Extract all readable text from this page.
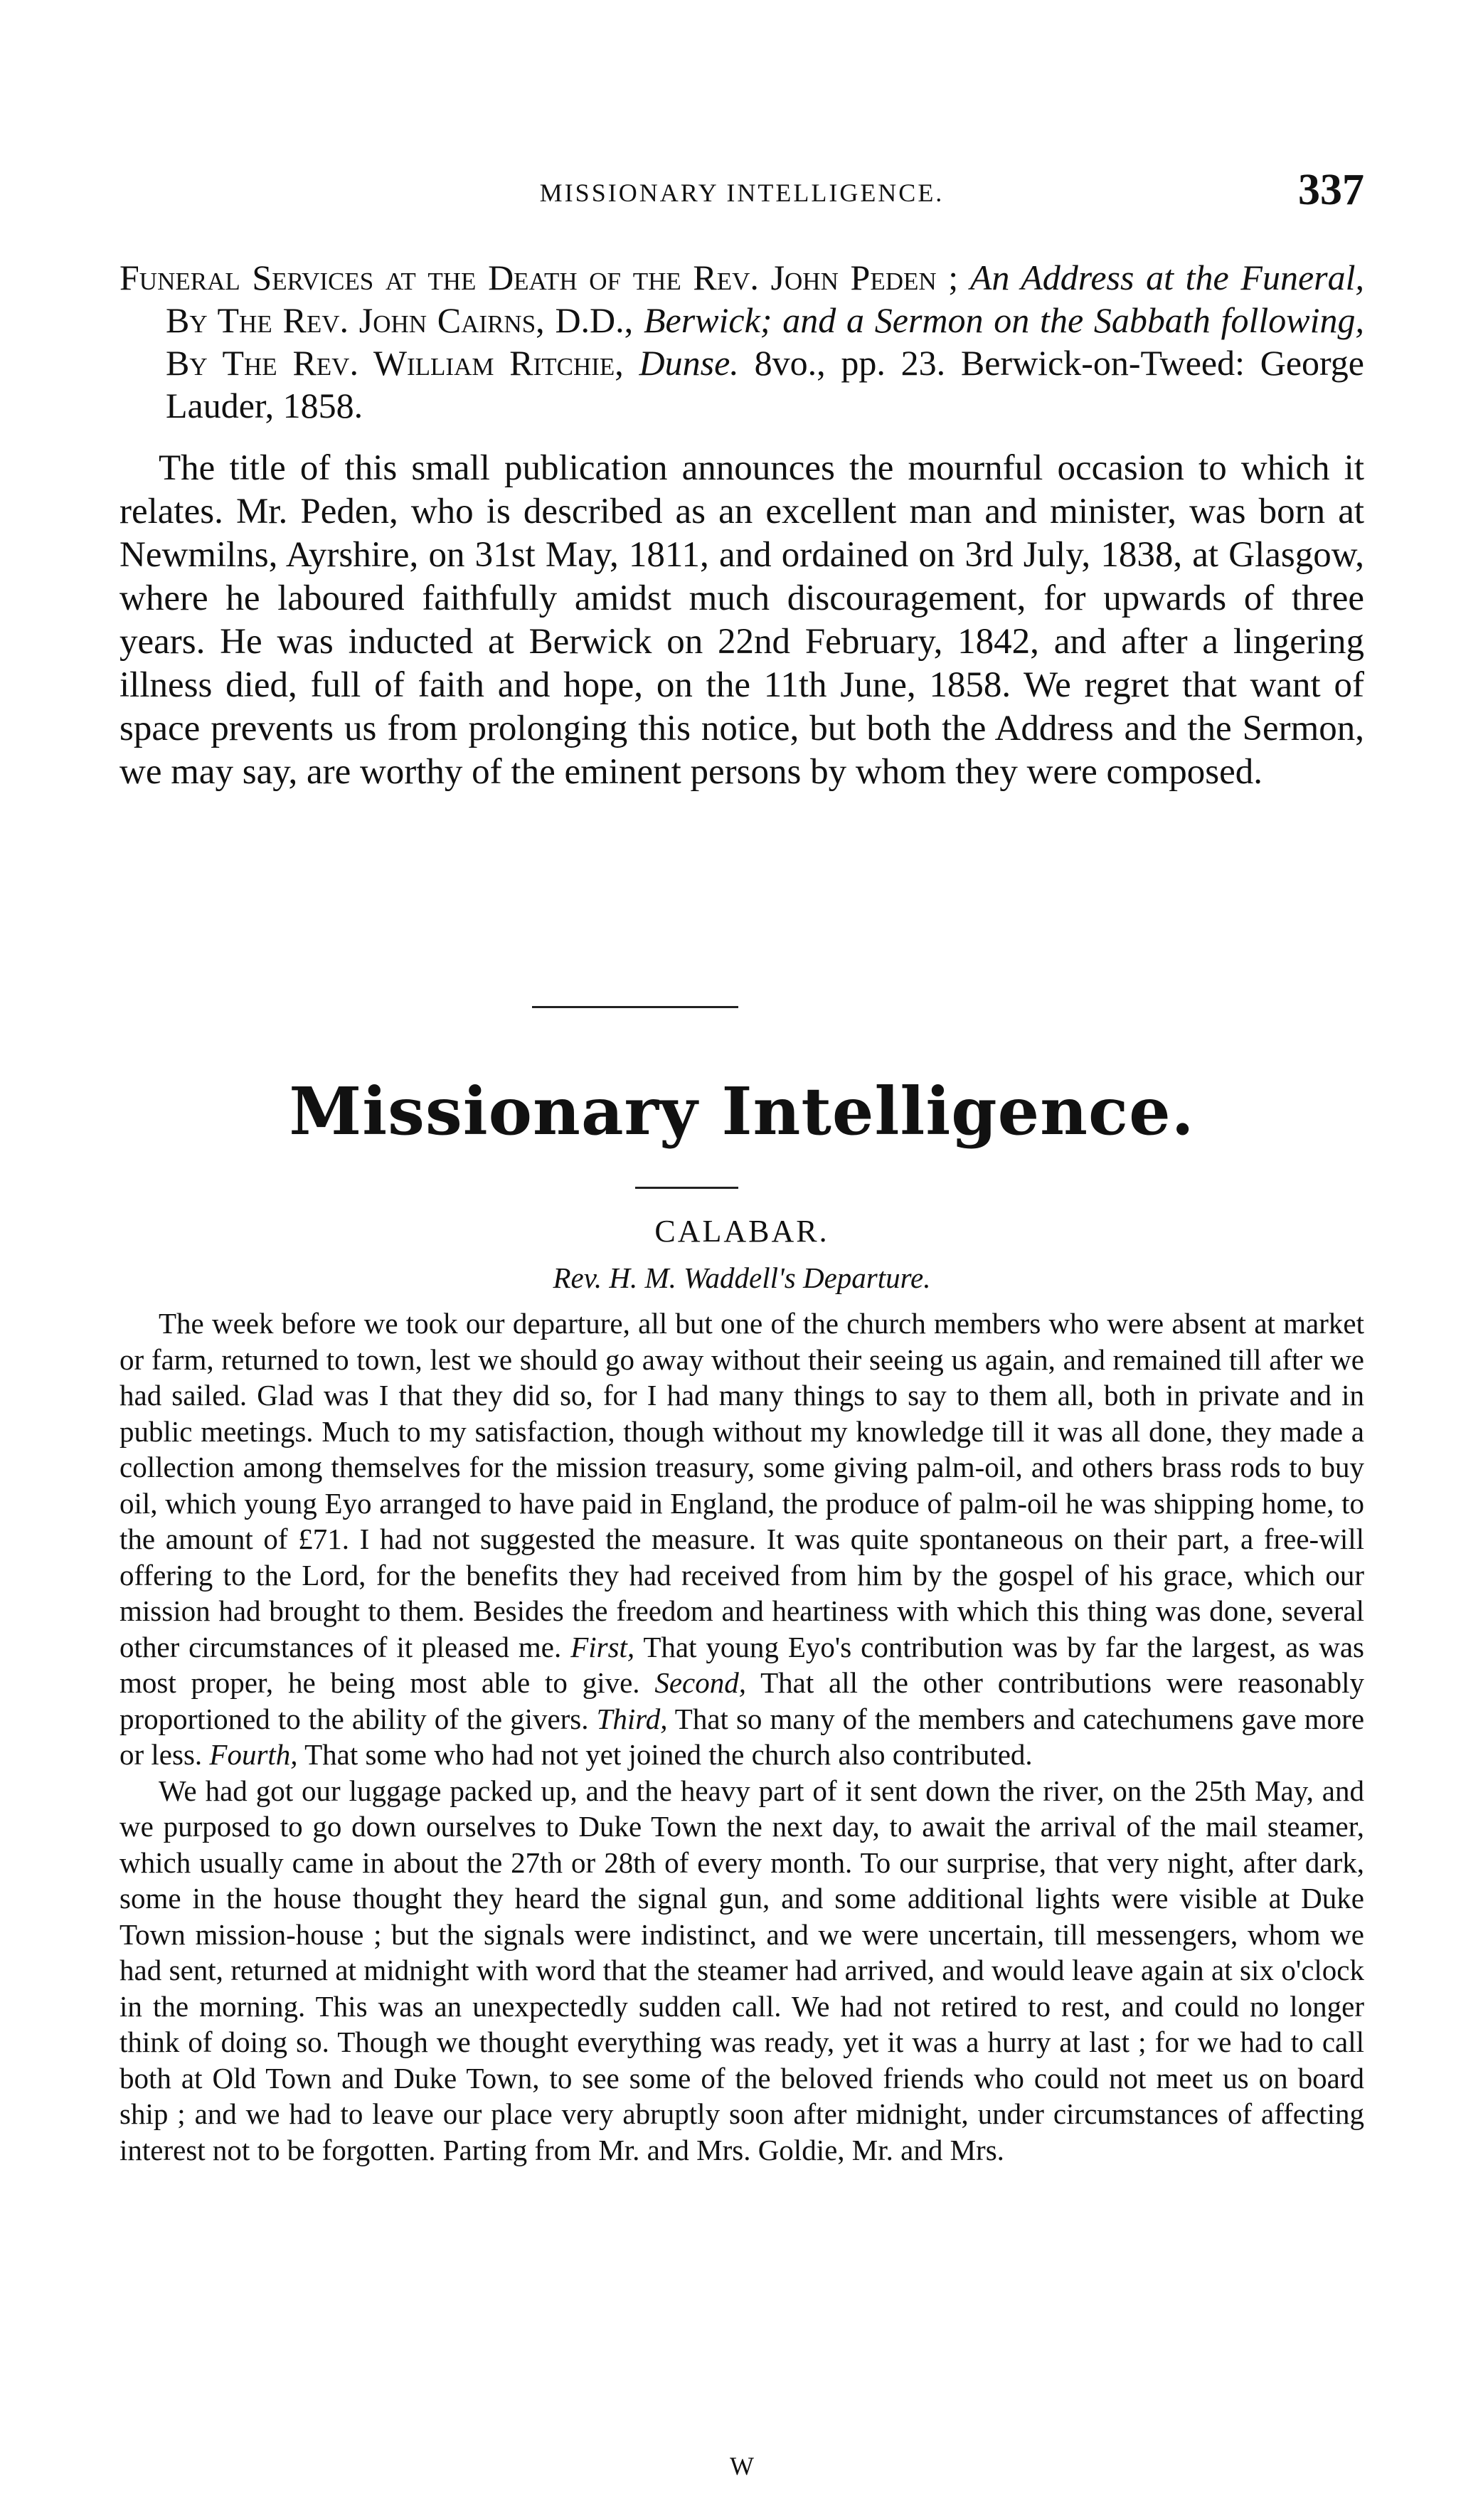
MISSIONARY INTELLIGENCE.	337
Funeral Services at the Death of the Rev. John Peden ; An Address at the Funeral, By The Rev. John Cairns, D.D., Berwick; and a Sermon on the Sabbath following, By The Rev. William Ritchie, Dunse. 8vo., pp. 23. Berwick-on-Tweed: George Lauder, 1858.
The title of this small publication announces the mournful occasion to which it relates. Mr. Peden, who is described as an excellent man and minister, was born at Newmilns, Ayrshire, on 31st May, 1811, and ordained on 3rd July, 1838, at Glasgow, where he laboured faithfully amidst much discouragement, for upwards of three years. He was inducted at Berwick on 22nd February, 1842, and after a lingering illness died, full of faith and hope, on the 11th June, 1858. We regret that want of space prevents us from prolonging this notice, but both the Address and the Sermon, we may say, are worthy of the eminent persons by whom they were composed.
Missionary Intelligence.
CALABAR.
Rev. H. M. Waddell's Departure.

The week before we took our departure, all but one of the church members who were absent at market or farm, returned to town, lest we should go away without their seeing us again, and remained till after we had sailed. Glad was I that they did so, for I had many things to say to them all, both in private and in public meetings. Much to my satisfaction, though without my knowledge till it was all done, they made a collection among themselves for the mission treasury, some giving palm-oil, and others brass rods to buy oil, which young Eyo arranged to have paid in England, the produce of palm-oil he was shipping home, to the amount of £71. I had not suggested the measure. It was quite spontaneous on their part, a free-will offering to the Lord, for the benefits they had received from him by the gospel of his grace, which our mission had brought to them. Besides the freedom and heartiness with which this thing was done, several other circumstances of it pleased me. First, That young Eyo's contribution was by far the largest, as was most proper, he being most able to give. Second, That all the other contributions were reasonably proportioned to the ability of the givers. Third, That so many of the members and catechumens gave more or less. Fourth, That some who had not yet joined the church also contributed.

We had got our luggage packed up, and the heavy part of it sent down the river, on the 25th May, and we purposed to go down ourselves to Duke Town the next day, to await the arrival of the mail steamer, which usually came in about the 27th or 28th of every month. To our surprise, that very night, after dark, some in the house thought they heard the signal gun, and some additional lights were visible at Duke Town mission-house ; but the signals were indistinct, and we were uncertain, till messengers, whom we had sent, returned at midnight with word that the steamer had arrived, and would leave again at six o'clock in the morning. This was an unexpectedly sudden call. We had not retired to rest, and could no longer think of doing so. Though we thought everything was ready, yet it was a hurry at last ; for we had to call both at Old Town and Duke Town, to see some of the beloved friends who could not meet us on board ship ; and we had to leave our place very abruptly soon after midnight, under circumstances of affecting interest not to be forgotten. Parting from Mr. and Mrs. Goldie, Mr. and Mrs.

W
